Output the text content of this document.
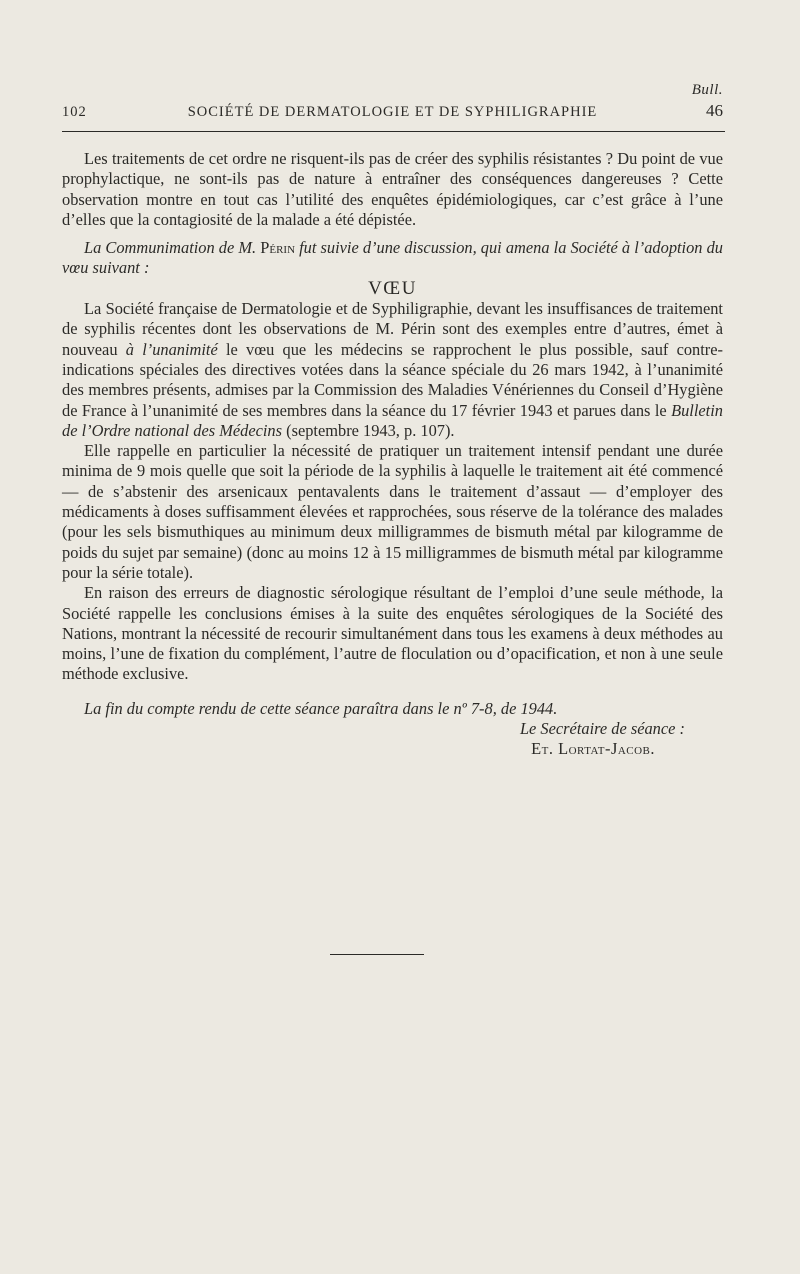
Bull.
102	SOCIÉTÉ DE DERMATOLOGIE ET DE SYPHILIGRAPHIE	46

Les traitements de cet ordre ne risquent-ils pas de créer des syphilis résistantes ? Du point de vue prophylactique, ne sont-ils pas de nature à entraîner des conséquences dangereuses ? Cette observation montre en tout cas l’utilité des enquêtes épidémiologiques, car c’est grâce à l’une d’elles que la contagiosité de la malade a été dépistée.

La Communimation de M. Périn fut suivie d’une discussion, qui amena la Société à l’adoption du vœu suivant :

VŒU

La Société française de Dermatologie et de Syphiligraphie, devant les insuffisances de traitement de syphilis récentes dont les observations de M. Périn sont des exemples entre d’autres, émet à nouveau à l’unanimité le vœu que les médecins se rapprochent le plus possible, sauf contre-indications spéciales des directives votées dans la séance spéciale du 26 mars 1942, à l’unanimité des membres présents, admises par la Commission des Maladies Vénériennes du Conseil d’Hygiène de France à l’unanimité de ses membres dans la séance du 17 février 1943 et parues dans le Bulletin de l’Ordre national des Médecins (septembre 1943, p. 107).

Elle rappelle en particulier la nécessité de pratiquer un traitement intensif pendant une durée minima de 9 mois quelle que soit la période de la syphilis à laquelle le traitement ait été commencé — de s’abstenir des arsenicaux pentavalents dans le traitement d’assaut — d’employer des médicaments à doses suffisamment élevées et rapprochées, sous réserve de la tolérance des malades (pour les sels bismuthiques au minimum deux milligrammes de bismuth métal par kilogramme de poids du sujet par semaine) (donc au moins 12 à 15 milligrammes de bismuth métal par kilogramme pour la série totale).

En raison des erreurs de diagnostic sérologique résultant de l’emploi d’une seule méthode, la Société rappelle les conclusions émises à la suite des enquêtes sérologiques de la Société des Nations, montrant la nécessité de recourir simultanément dans tous les examens à deux méthodes au moins, l’une de fixation du complément, l’autre de floculation ou d’opacification, et non à une seule méthode exclusive.

La fin du compte rendu de cette séance paraîtra dans le nº 7-8, de 1944.

Le Secrétaire de séance :

Et. Lortat-Jacob.
